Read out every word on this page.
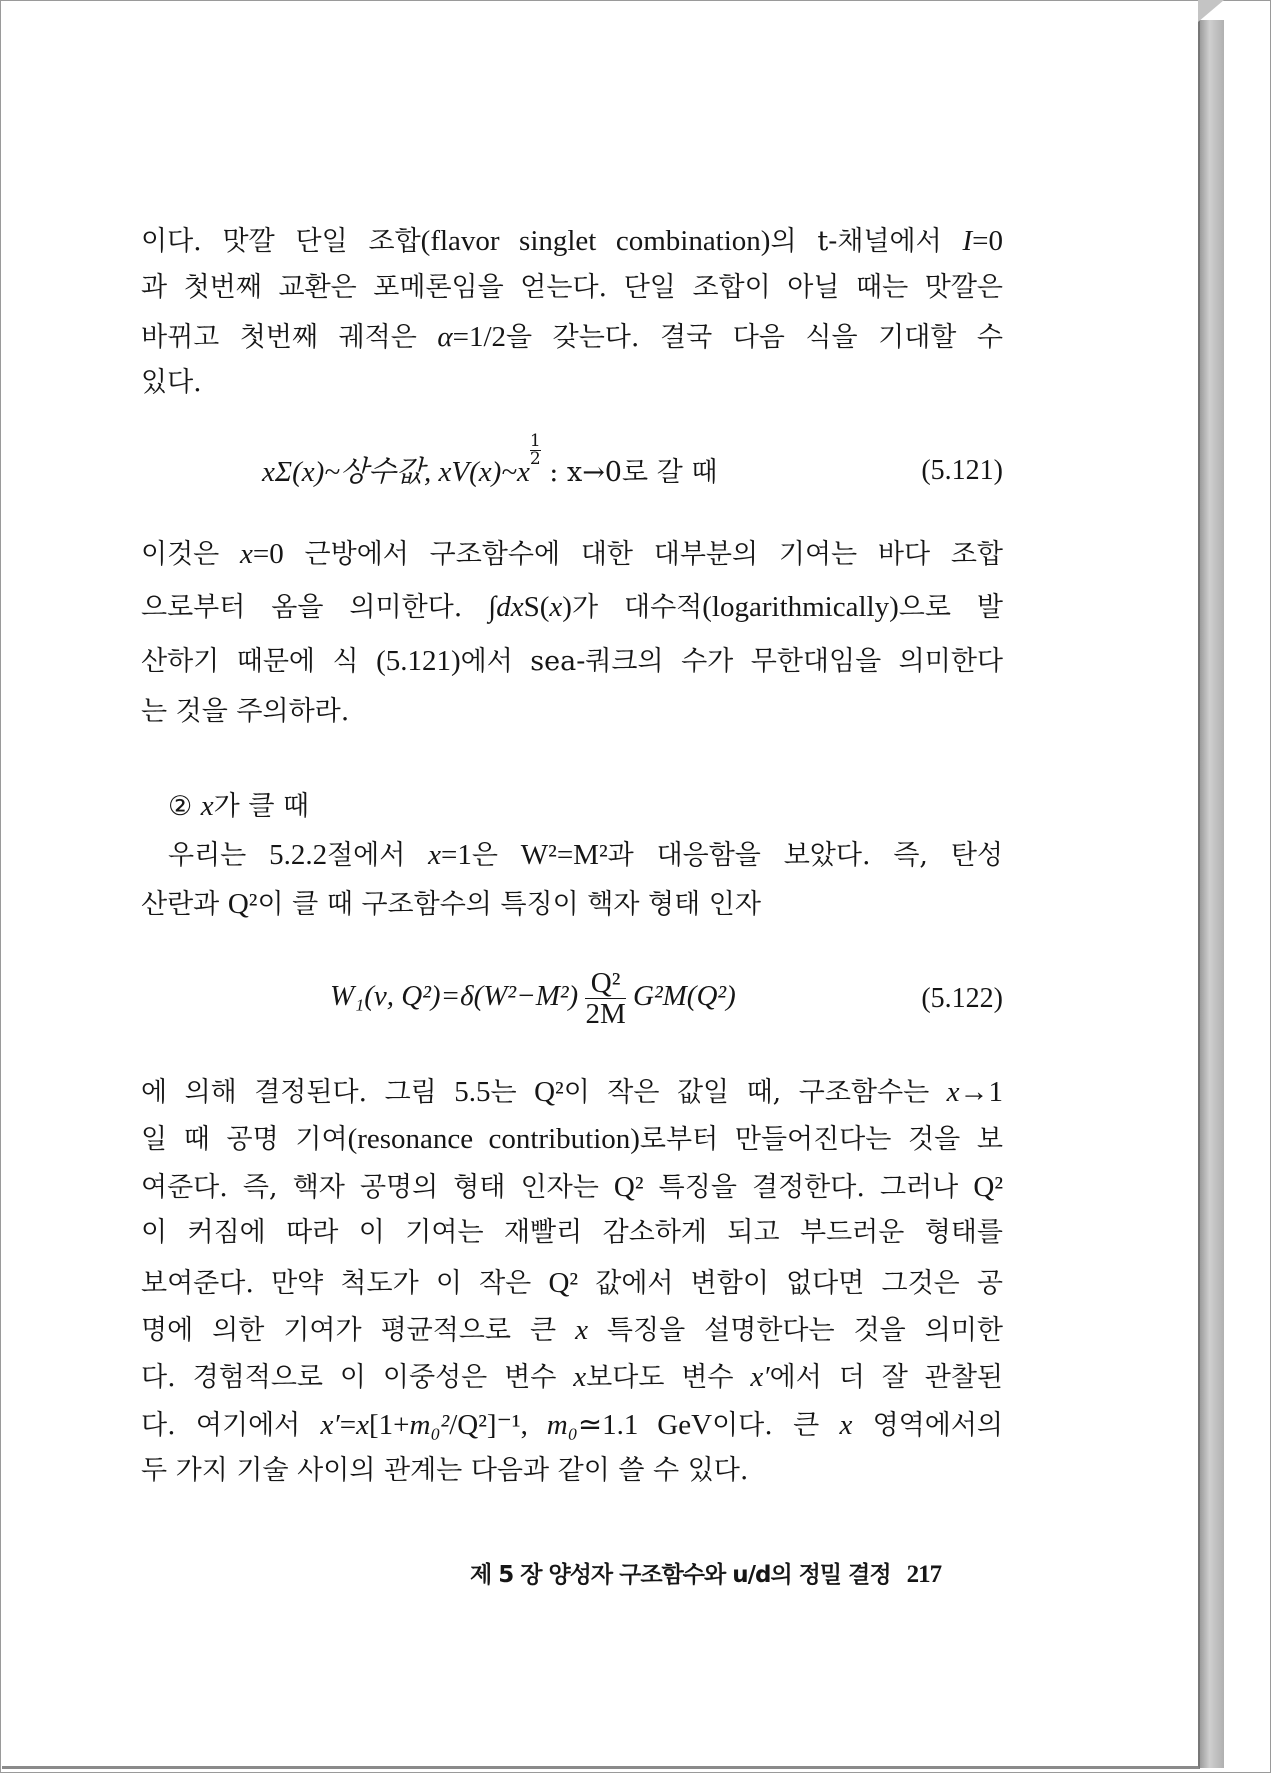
이다. 맛깔 단일 조합(flavor singlet combination)의 t-채널에서 I=0
과 첫번째 교환은 포메론임을 얻는다. 단일 조합이 아닐 때는 맛깔은
바뀌고 첫번째 궤적은 α=1/2을 갖는다. 결국 다음 식을 기대할 수
있다.
xΣ(x)~상수값, xV(x)~x
$\frac{1}{2}$ : x→0로 갈 때	(5.121)
이것은 x=0 근방에서 구조함수에 대한 대부분의 기여는 바다 조합
으로부터 옴을 의미한다. ∫dxS(x)가 대수적(logarithmically)으로 발
산하기 때문에 식 (5.121)에서 sea-쿼크의 수가 무한대임을 의미한다
는 것을 주의하라.
② x가 클 때
우리는 5.2.2절에서 x=1은 W²=M²과 대응함을 보았다. 즉, 탄성
산란과 Q²이 클 때 구조함수의 특징이 핵자 형태 인자
W₁(ν, $Q^2)=\delta(W^2-M^2) \frac{\text{Q²}}{2M} G^2M(Q^2)$	(5.122)
에 의해 결정된다. 그림 5.5는 Q²이 작은 값일 때, 구조함수는 x→1
일 때 공명 기여(resonance contribution)로부터 만들어진다는 것을 보
여준다. 즉, 핵자 공명의 형태 인자는 Q² 특징을 결정한다. 그러나 Q²
이 커짐에 따라 이 기여는 재빨리 감소하게 되고 부드러운 형태를
보여준다. 만약 척도가 이 작은 Q² 값에서 변함이 없다면 그것은 공
명에 의한 기여가 평균적으로 큰 x 특징을 설명한다는 것을 의미한
다. 경험적으로 이 이중성은 변수 x보다도 변수 x′에서 더 잘 관찰된
다. 여기에서 x′=x[1+m₀²/Q²]⁻¹, m₀≃1.1 GeV이다. 큰 x 영역에서의
두 가지 기술 사이의 관계는 다음과 같이 쓸 수 있다.
제 5 장 양성자 구조함수와 u/d의 정밀 결정 217
